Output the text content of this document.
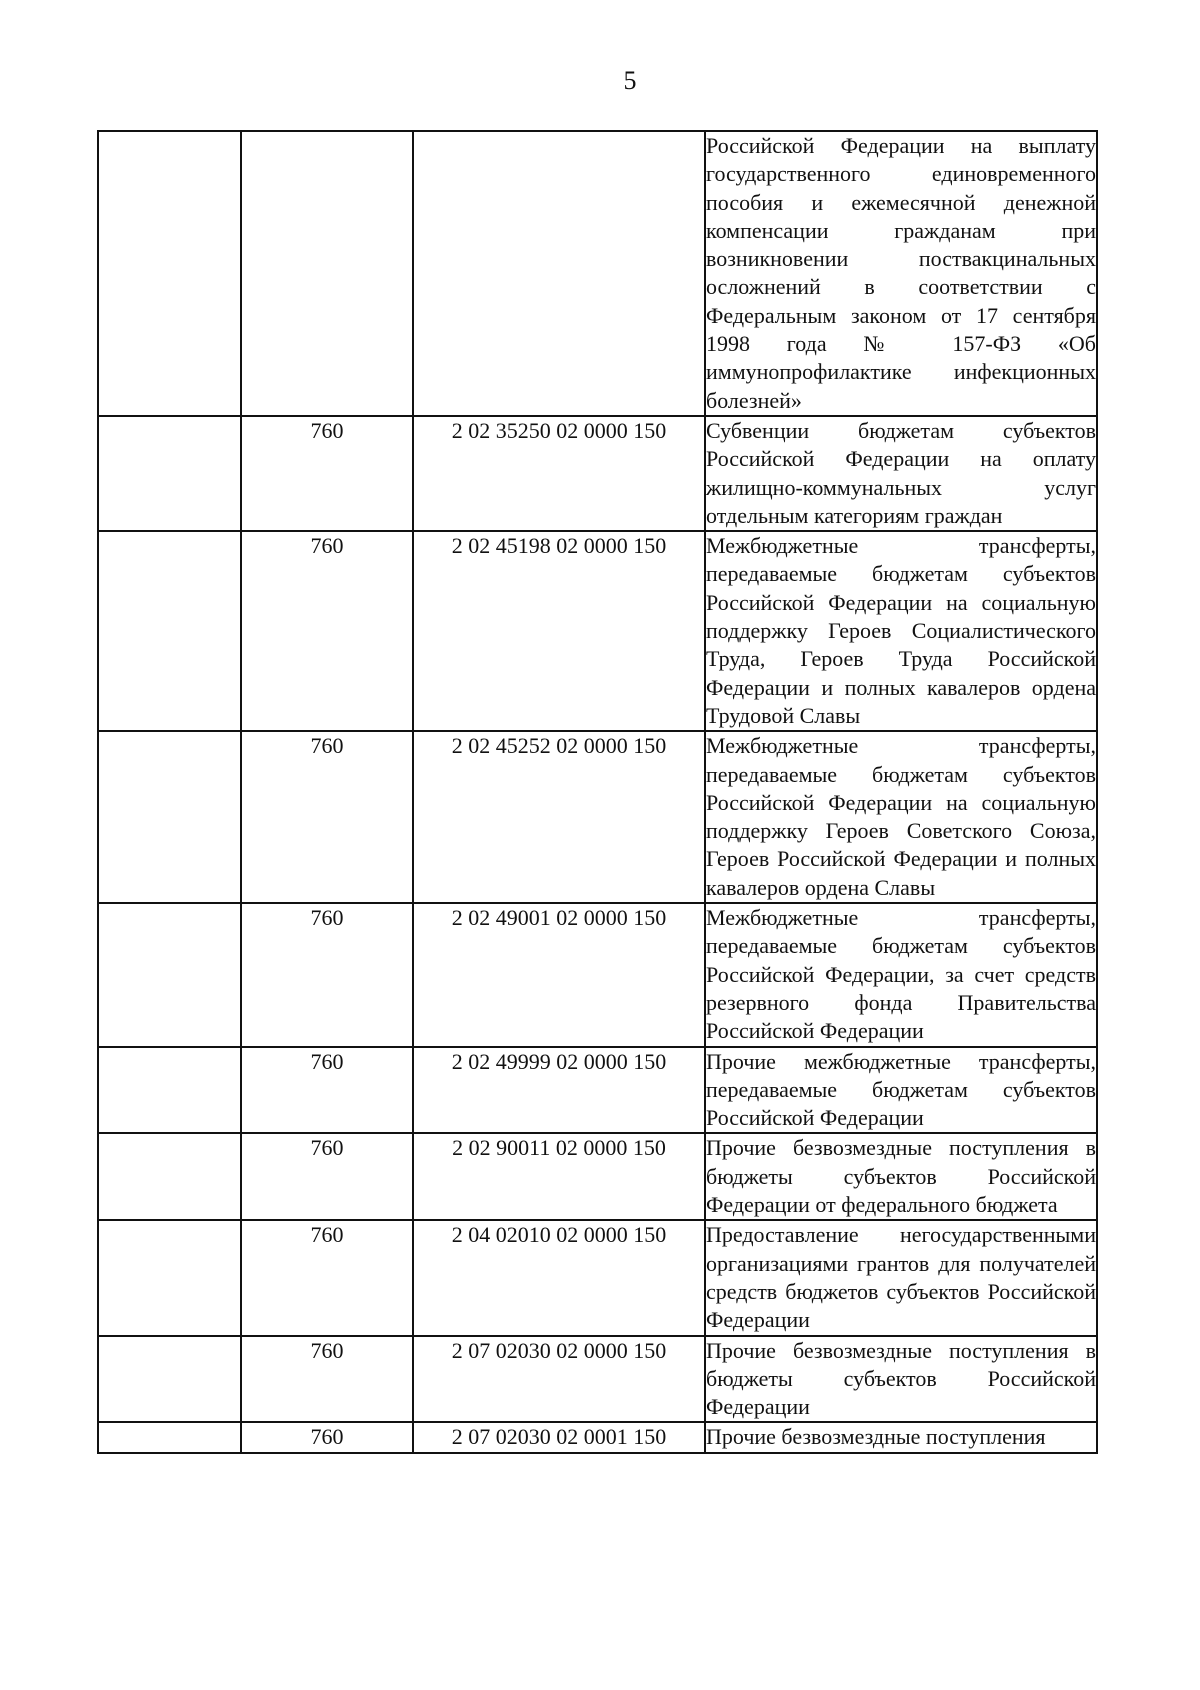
5
			Российской Федерации на выплату государственного единовременного пособия и ежемесячной денежной компенсации гражданам при возникновении поствакцинальных осложнений в соответствии с Федеральным законом от 17 сентября 1998 года № 157-ФЗ «Об иммунопрофилактике инфекционных болезней»
	760	2 02 35250 02 0000 150	Субвенции бюджетам субъектов Российской Федерации на оплату жилищно-коммунальных услуг отдельным категориям граждан
	760	2 02 45198 02 0000 150	Межбюджетные трансферты, передаваемые бюджетам субъектов Российской Федерации на социальную поддержку Героев Социалистического Труда, Героев Труда Российской Федерации и полных кавалеров ордена Трудовой Славы
	760	2 02 45252 02 0000 150	Межбюджетные трансферты, передаваемые бюджетам субъектов Российской Федерации на социальную поддержку Героев Советского Союза, Героев Российской Федерации и полных кавалеров ордена Славы
	760	2 02 49001 02 0000 150	Межбюджетные трансферты, передаваемые бюджетам субъектов Российской Федерации, за счет средств резервного фонда Правительства Российской Федерации
	760	2 02 49999 02 0000 150	Прочие межбюджетные трансферты, передаваемые бюджетам субъектов Российской Федерации
	760	2 02 90011 02 0000 150	Прочие безвозмездные поступления в бюджеты субъектов Российской Федерации от федерального бюджета
	760	2 04 02010 02 0000 150	Предоставление негосударственными организациями грантов для получателей средств бюджетов субъектов Российской Федерации
	760	2 07 02030 02 0000 150	Прочие безвозмездные поступления в бюджеты субъектов Российской Федерации
	760	2 07 02030 02 0001 150	Прочие безвозмездные поступления
